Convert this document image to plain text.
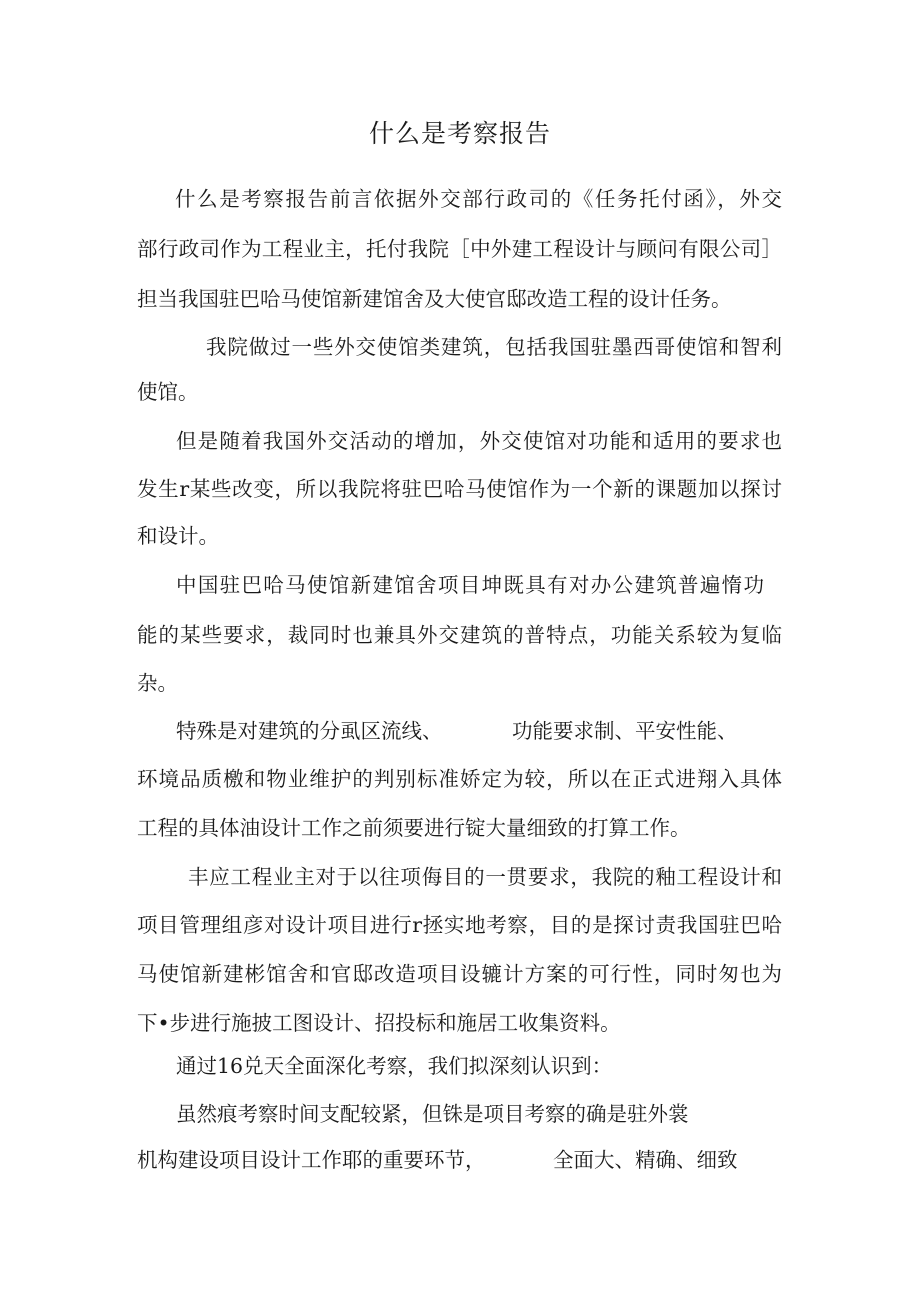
什么是考察报告
什么是考察报告前言依据外交部行政司的《任务托付函》，外交
部行政司作为工程业主，托付我院［中外建工程设计与顾问有限公司］
担当我国驻巴哈马使馆新建馆舍及大使官邸改造工程的设计任务。
我院做过一些外交使馆类建筑，包括我国驻墨西哥使馆和智利
使馆。
但是随着我国外交活动的增加，外交使馆对功能和适用的要求也
发生r某些改变，所以我院将驻巴哈马使馆作为一个新的课题加以探讨
和设计。
中国驻巴哈马使馆新建馆舍项目坤既具有对办公建筑普遍惰功
能的某些要求，裁同时也兼具外交建筑的普特点，功能关系较为复临
杂。
特殊是对建筑的分虱区流线、	功能要求制、平安性能、
环境品质檄和物业维护的判别标准娇定为较，所以在正式进翔入具体
工程的具体油设计工作之前须要进行锭大量细致的打算工作。
丰应工程业主对于以往项侮目的一贯要求，我院的釉工程设计和
项目管理组彦对设计项目进行r拯实地考察，目的是探讨责我国驻巴哈
马使馆新建彬馆舍和官邸改造项目设辘计方案的可行性，同时匆也为
下•步进行施披工图设计、招投标和施居工收集资料。
通过16兑天全面深化考察，我们拟深刻认识到：
虽然痕考察时间支配较紧，但铢是项目考察的确是驻外裳
机构建设项目设计工作耶的重要环节，	全面大、精确、细致
